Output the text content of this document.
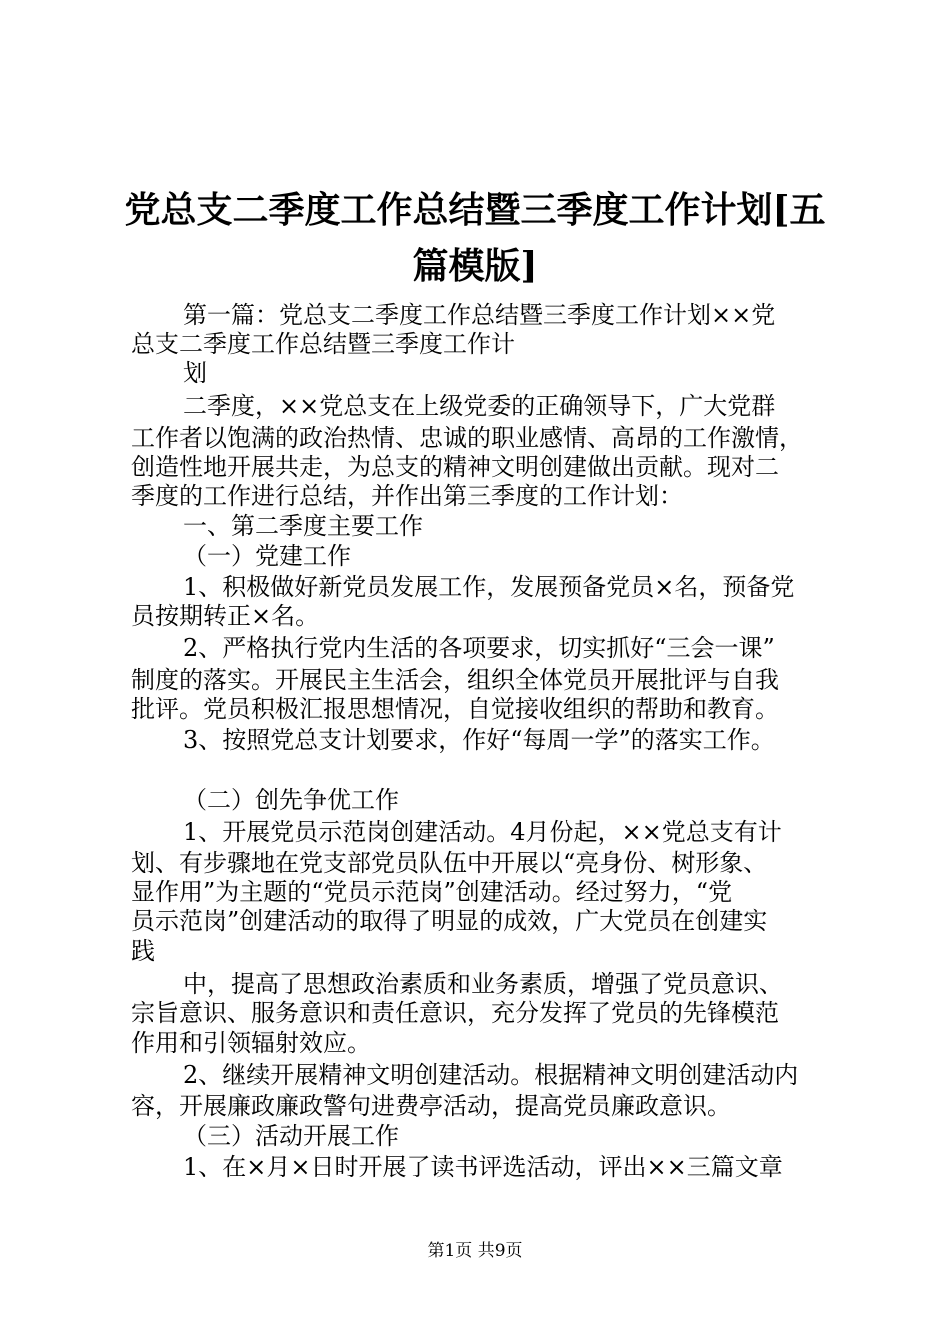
党总支二季度工作总结暨三季度工作计划[五
篇模版]

第一篇：党总支二季度工作总结暨三季度工作计划××党

总支二季度工作总结暨三季度工作计

划

二季度，××党总支在上级党委的正确领导下，广大党群

工作者以饱满的政治热情、忠诚的职业感情、高昂的工作激情，

创造性地开展共走，为总支的精神文明创建做出贡献。现对二

季度的工作进行总结，并作出第三季度的工作计划：

一、第二季度主要工作

（一）党建工作

1、积极做好新党员发展工作，发展预备党员×名，预备党

员按期转正×名。

2、严格执行党内生活的各项要求，切实抓好“三会一课”

制度的落实。开展民主生活会，组织全体党员开展批评与自我

批评。党员积极汇报思想情况，自觉接收组织的帮助和教育。

3、按照党总支计划要求，作好“每周一学”的落实工作。

（二）创先争优工作

1、开展党员示范岗创建活动。4月份起，××党总支有计

划、有步骤地在党支部党员队伍中开展以“亮身份、树形象、

显作用”为主题的“党员示范岗”创建活动。经过努力，“党

员示范岗”创建活动的取得了明显的成效，广大党员在创建实

践

中，提高了思想政治素质和业务素质，增强了党员意识、

宗旨意识、服务意识和责任意识，充分发挥了党员的先锋模范

作用和引领辐射效应。

2、继续开展精神文明创建活动。根据精神文明创建活动内

容，开展廉政廉政警句进费亭活动，提高党员廉政意识。

（三）活动开展工作

1、在×月×日时开展了读书评选活动，评出××三篇文章

第1页 共9页
